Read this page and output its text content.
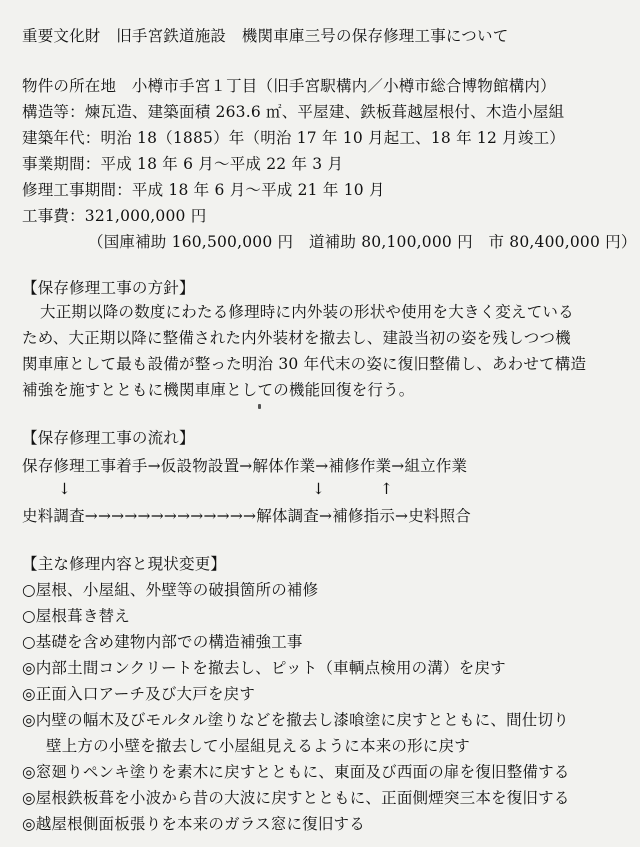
重要文化財　旧手宮鉄道施設　機関車庫三号の保存修理工事について
物件の所在地　小樽市手宮１丁目（旧手宮駅構内／小樽市総合博物館構内）
構造等：煉瓦造、建築面積 263.6 ㎡、平屋建、鉄板葺越屋根付、木造小屋組
建築年代：明治 18（1885）年（明治 17 年 10 月起工、18 年 12 月竣工）
事業期間：平成 18 年 6 月～平成 22 年 3 月
修理工事期間：平成 18 年 6 月～平成 21 年 10 月
工事費：321,000,000 円
（国庫補助 160,500,000 円　道補助 80,100,000 円　市 80,400,000 円）
【保存修理工事の方針】
大正期以降の数度にわたる修理時に内外装の形状や使用を大きく変えている
ため、大正期以降に整備された内外装材を撤去し、建設当初の姿を残しつつ機
関車庫として最も設備が整った明治 30 年代末の姿に復旧整備し、あわせて構造
補強を施すとともに機関車庫としての機能回復を行う。
【保存修理工事の流れ】
保存修理工事着手→仮設物設置→解体作業→補修作業→組立作業
↓	↓	↑
史料調査→→→→→→→→→→→→→解体調査→補修指示→史料照合
【主な修理内容と現状変更】
○屋根、小屋組、外壁等の破損箇所の補修
○屋根葺き替え
○基礎を含め建物内部での構造補強工事
◎内部土間コンクリートを撤去し、ピット（車輌点検用の溝）を戻す
◎正面入口アーチ及び大戸を戻す
◎内壁の幅木及びモルタル塗りなどを撤去し漆喰塗に戻すとともに、間仕切り
壁上方の小壁を撤去して小屋組見えるように本来の形に戻す
◎窓廻りペンキ塗りを素木に戻すとともに、東面及び西面の扉を復旧整備する
◎屋根鉄板葺を小波から昔の大波に戻すとともに、正面側煙突三本を復旧する
◎越屋根側面板張りを本来のガラス窓に復旧する
